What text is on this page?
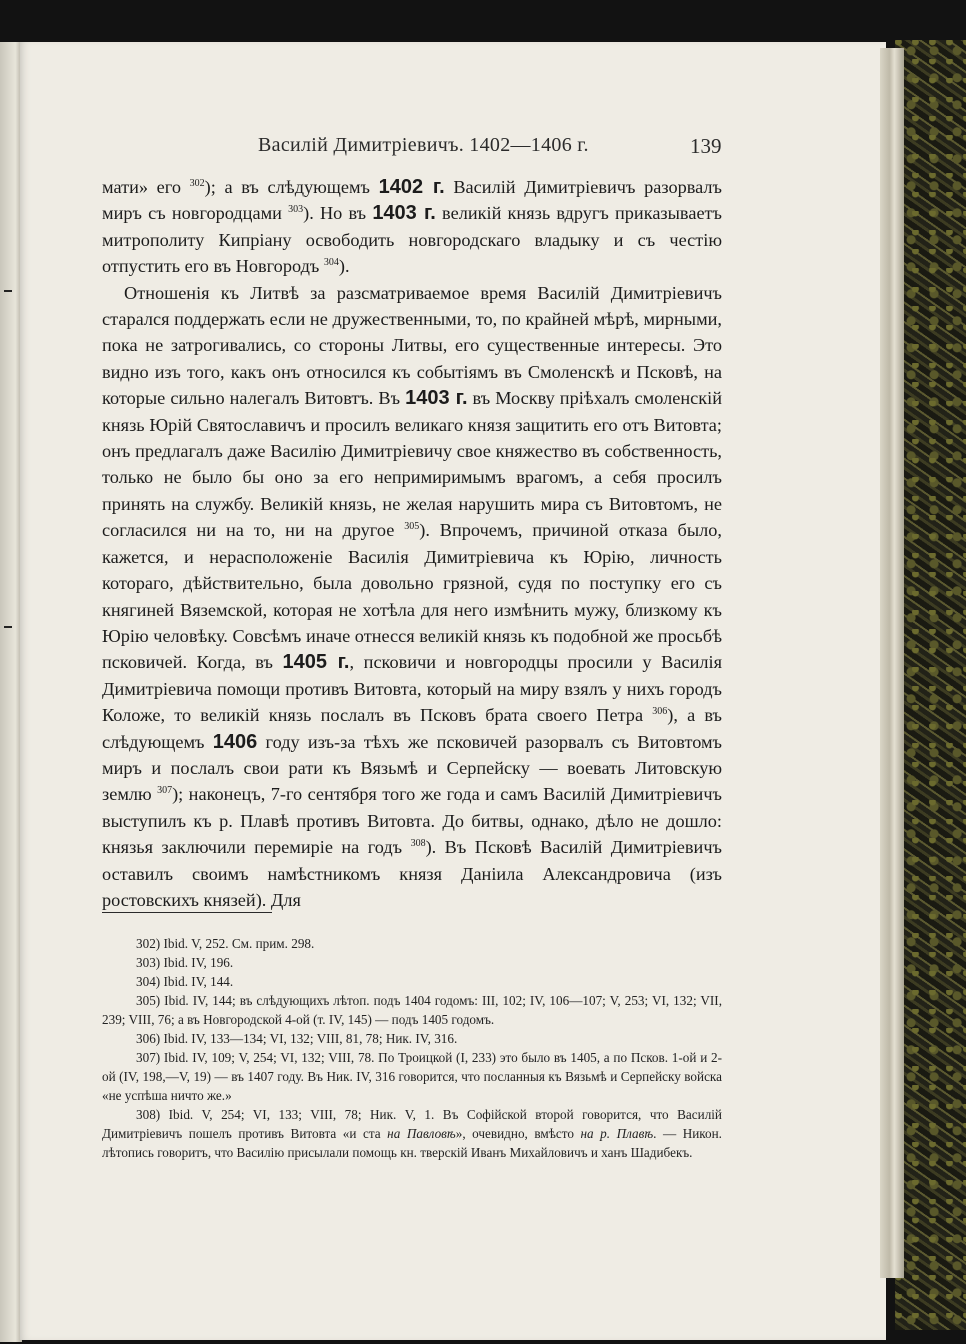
Василій Димитріевичъ. 1402—1406 г.	139

мати» его $^{302}$); а въ слѣдующемъ 1402 г. Василій Димитріевичъ разорвалъ миръ съ новгородцами $^{303}$). Но въ 1403 г. великій князь вдругъ приказываетъ митрополиту Кипріану освободить новгородскаго владыку и съ честію отпустить его въ Новгородъ $^{304}$).

Отношенія къ Литвѣ за разсматриваемое время Василій Димитріевичъ старался поддержать если не дружественными, то, по крайней мѣрѣ, мирными, пока не затрогивались, со стороны Литвы, его существенные интересы. Это видно изъ того, какъ онъ относился къ событіямъ въ Смоленскѣ и Псковѣ, на которые сильно налегалъ Витовтъ. Въ 1403 г. въ Москву пріѣхалъ смоленскій князь Юрій Святославичъ и просилъ великаго князя защитить его отъ Витовта; онъ предлагалъ даже Василію Димитріевичу свое княжество въ собственность, только не было бы оно за его непримиримымъ врагомъ, а себя просилъ принять на службу. Великій князь, не желая нарушить мира съ Витовтомъ, не согласился ни на то, ни на другое $^{305}$). Впрочемъ, причиной отказа было, кажется, и нерасположеніе Василія Димитріевича къ Юрію, личность котораго, дѣйствительно, была довольно грязной, судя по поступку его съ княгиней Вяземской, которая не хотѣла для него измѣнить мужу, близкому къ Юрію человѣку. Совсѣмъ иначе отнесся великій князь къ подобной же просьбѣ псковичей. Когда, въ 1405 г., псковичи и новгородцы просили у Василія Димитріевича помощи противъ Витовта, который на миру взялъ у нихъ городъ Коложе, то великій князь послалъ въ Псковъ брата своего Петра $^{306}$), а въ слѣдующемъ 1406 году изъ-за тѣхъ же псковичей разорвалъ съ Витовтомъ миръ и послалъ свои рати къ Вязьмѣ и Серпейску — воевать Литовскую землю $^{307}$); наконецъ, 7-го сентября того же года и самъ Василій Димитріевичъ выступилъ къ р. Плавѣ противъ Витовта. До битвы, однако, дѣло не дошло: князья заключили перемиріе на годъ $^{308}$). Въ Псковѣ Василій Димитріевичъ оставилъ своимъ намѣстникомъ князя Даніила Александровича (изъ ростовскихъ князей). Для

302) Ibid. V, 252. См. прим. 298.

303) Ibid. IV, 196.

304) Ibid. IV, 144.

305) Ibid. IV, 144; въ слѣдующихъ лѣтоп. подъ 1404 годомъ: III, 102; IV, 106—107; V, 253; VI, 132; VII, 239; VIII, 76; а въ Новгородской 4-ой (т. IV, 145) — подъ 1405 годомъ.

306) Ibid. IV, 133—134; VI, 132; VIII, 81, 78; Ник. IV, 316.

307) Ibid. IV, 109; V, 254; VI, 132; VIII, 78. По Троицкой (I, 233) это было въ 1405, а по Псков. 1-ой и 2-ой (IV, 198,—V, 19) — въ 1407 году. Въ Ник. IV, 316 говорится, что посланныя къ Вязьмѣ и Серпейску войска «не успѣша ничто же.»

308) Ibid. V, 254; VI, 133; VIII, 78; Ник. V, 1. Въ Софійской второй говорится, что Василій Димитріевичъ пошелъ противъ Витовта «и ста на Павловѣ», очевидно, вмѣсто на р. Плавѣ. — Никон. лѣтопись говоритъ, что Василію присылали помощь кн. тверскій Иванъ Михайловичъ и ханъ Шадибекъ.
